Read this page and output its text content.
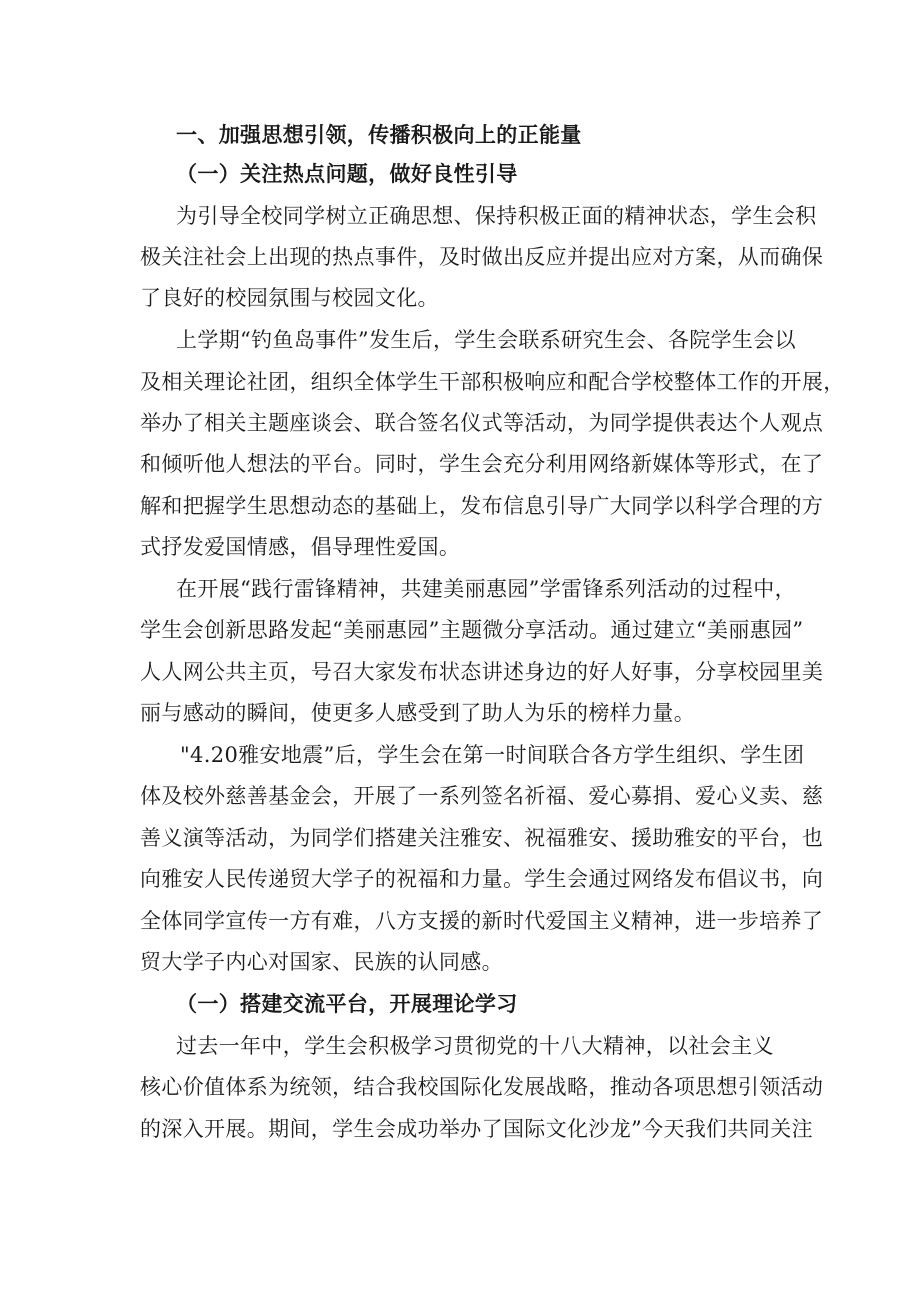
一、加强思想引领，传播积极向上的正能量
（一）关注热点问题，做好良性引导
为引导全校同学树立正确思想、保持积极正面的精神状态，学生会积
极关注社会上出现的热点事件，及时做出反应并提出应对方案，从而确保
了良好的校园氛围与校园文化。
上学期“钓鱼岛事件”发生后，学生会联系研究生会、各院学生会以
及相关理论社团，组织全体学生干部积极响应和配合学校整体工作的开展，
举办了相关主题座谈会、联合签名仪式等活动，为同学提供表达个人观点
和倾听他人想法的平台。同时，学生会充分利用网络新媒体等形式，在了
解和把握学生思想动态的基础上，发布信息引导广大同学以科学合理的方
式抒发爱国情感，倡导理性爱国。
在开展“践行雷锋精神，共建美丽惠园”学雷锋系列活动的过程中，
学生会创新思路发起“美丽惠园”主题微分享活动。通过建立“美丽惠园”
人人网公共主页，号召大家发布状态讲述身边的好人好事，分享校园里美
丽与感动的瞬间，使更多人感受到了助人为乐的榜样力量。
"4.20雅安地震”后，学生会在第一时间联合各方学生组织、学生团
体及校外慈善基金会，开展了一系列签名祈福、爱心募捐、爱心义卖、慈
善义演等活动，为同学们搭建关注雅安、祝福雅安、援助雅安的平台，也
向雅安人民传递贸大学子的祝福和力量。学生会通过网络发布倡议书，向
全体同学宣传一方有难，八方支援的新时代爱国主义精神，进一步培养了
贸大学子内心对国家、民族的认同感。
（一）搭建交流平台，开展理论学习
过去一年中，学生会积极学习贯彻党的十八大精神，以社会主义
核心价值体系为统领，结合我校国际化发展战略，推动各项思想引领活动
的深入开展。期间，学生会成功举办了国际文化沙龙”今天我们共同关注
